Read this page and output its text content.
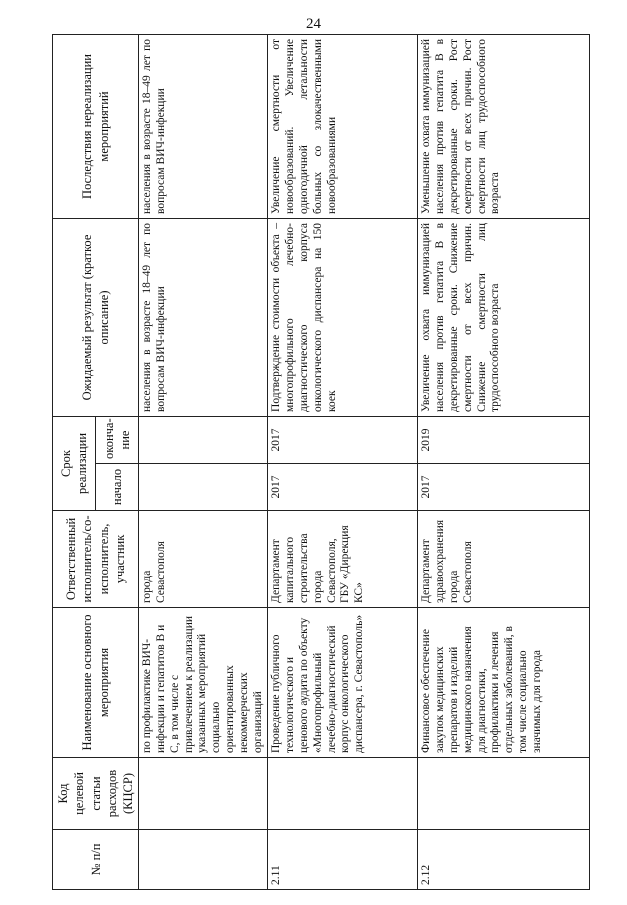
24
№ п/п	Код целевой статьи расходов (КЦСР)	Наименование основного мероприятия	Ответственный исполнитель/со-исполнитель, участник	Срок реализации		Ожидаемый результат (краткое описание)	Последствия нереализации мероприятий
				начало	оконча-ние		
		по профилактике ВИЧ-инфекции и гепатитов В и С, в том числе с привлечением к реализации указанных мероприятий социально ориентированных некоммерческих организаций	города Севастополя			населения в возрасте 18–49 лет по вопросам ВИЧ-инфекции	населения в возрасте 18–49 лет по вопросам ВИЧ-инфекции
2.11		Проведение публичного технологического и ценового аудита по объекту «Многопрофильный лечебно-диагностический корпус онкологического диспансера, г. Севастополь»	Департамент капитального строительства города Севастополя, ГБУ «Дирекция КС»	2017	2017	Подтверждение стоимости объекта – многопрофильного лечебно-диагностического корпуса онкологического диспансера на 150 коек	Увеличение смертности от новообразований. Увеличение одногодичной летальности больных со злокачественными новообразованиями
2.12		Финансовое обеспечение закупок медицинских препаратов и изделий медицинского назначения для диагностики, профилактики и лечения отдельных заболеваний, в том числе социально значимых для города	Департамент здравоохранения города Севастополя	2017	2019	Увеличение охвата иммунизацией населения против гепатита В в декретированные сроки. Снижение смертности от всех причин. Снижение смертности лиц трудоспособного возраста	Уменьшение охвата иммунизацией населения против гепатита В в декретированные сроки. Рост смертности от всех причин. Рост смертности лиц трудоспособного возраста
